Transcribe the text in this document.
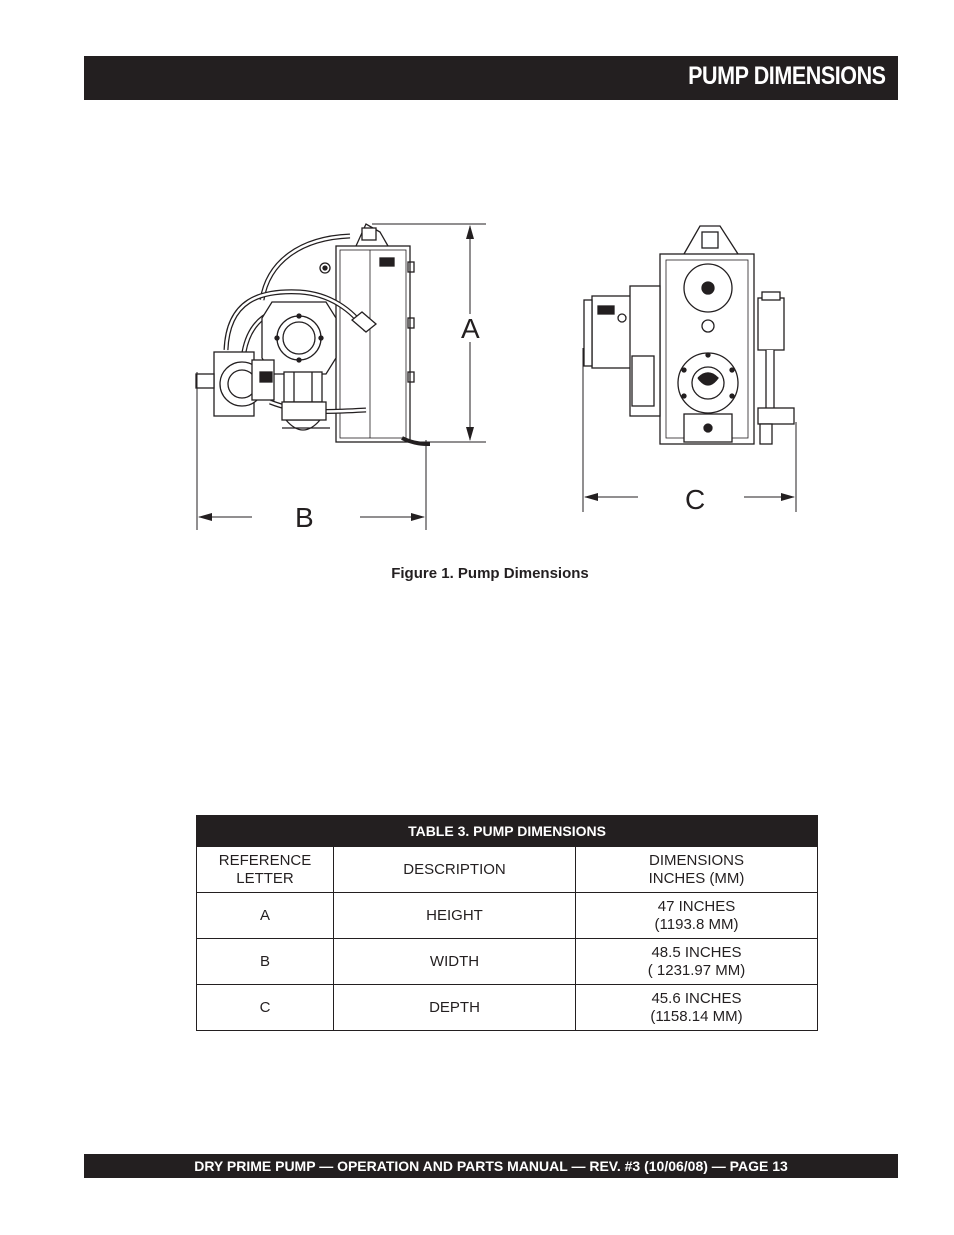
PUMP DIMENSIONS
A
B
C
Figure 1. Pump Dimensions
TABLE 3. PUMP DIMENSIONS		

REFERENCE
LETTER	DESCRIPTION	DIMENSIONS
INCHES (MM)

A	HEIGHT	47 INCHES
(1193.8 MM)

B	WIDTH	48.5 INCHES
( 1231.97 MM)

C	DEPTH	45.6 INCHES
(1158.14 MM)
DRY PRIME PUMP — OPERATION AND PARTS MANUAL — REV. #3 (10/06/08) — PAGE 13
